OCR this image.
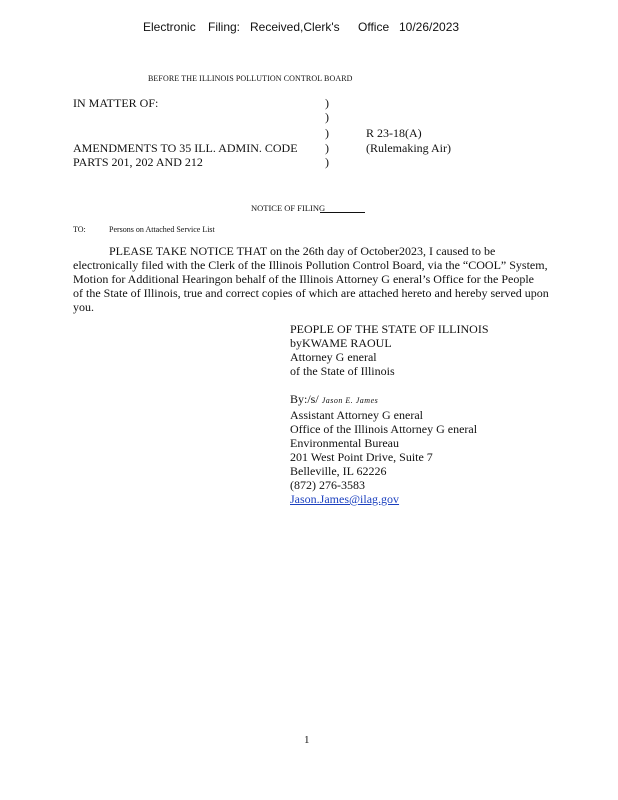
Electronic Filing: Received,Clerk's Office 10/26/2023
BEFORE THE ILLINOIS POLLUTION CONTROL BOARD
IN MATTER OF:
AMENDMENTS TO 35 ILL. ADMIN. CODE
PARTS 201, 202 AND 212
)
)
)
)
)
R 23-18(A)
(Rulemaking Air)
NOTICE OF FILING
TO:	Persons on Attached Service List

PLEASE TAKE NOTICE THAT on the 26th day of October2023, I caused to be

electronically filed with the Clerk of the Illinois Pollution Control Board, via the “COOL” System,

Motion for Additional Hearingon behalf of the Illinois Attorney G eneral’s Office for the People

of the State of Illinois, true and correct copies of which are attached hereto and hereby served upon

you.

PEOPLE OF THE STATE OF ILLINOIS
byKWAME RAOUL
Attorney G eneral
of the State of Illinois
By:/s/ Jason E. James
Assistant Attorney G eneral
Office of the Illinois Attorney G eneral
Environmental Bureau
201 West Point Drive, Suite 7
Belleville, IL 62226
(872) 276-3583
Jason.James@ilag.gov
1
